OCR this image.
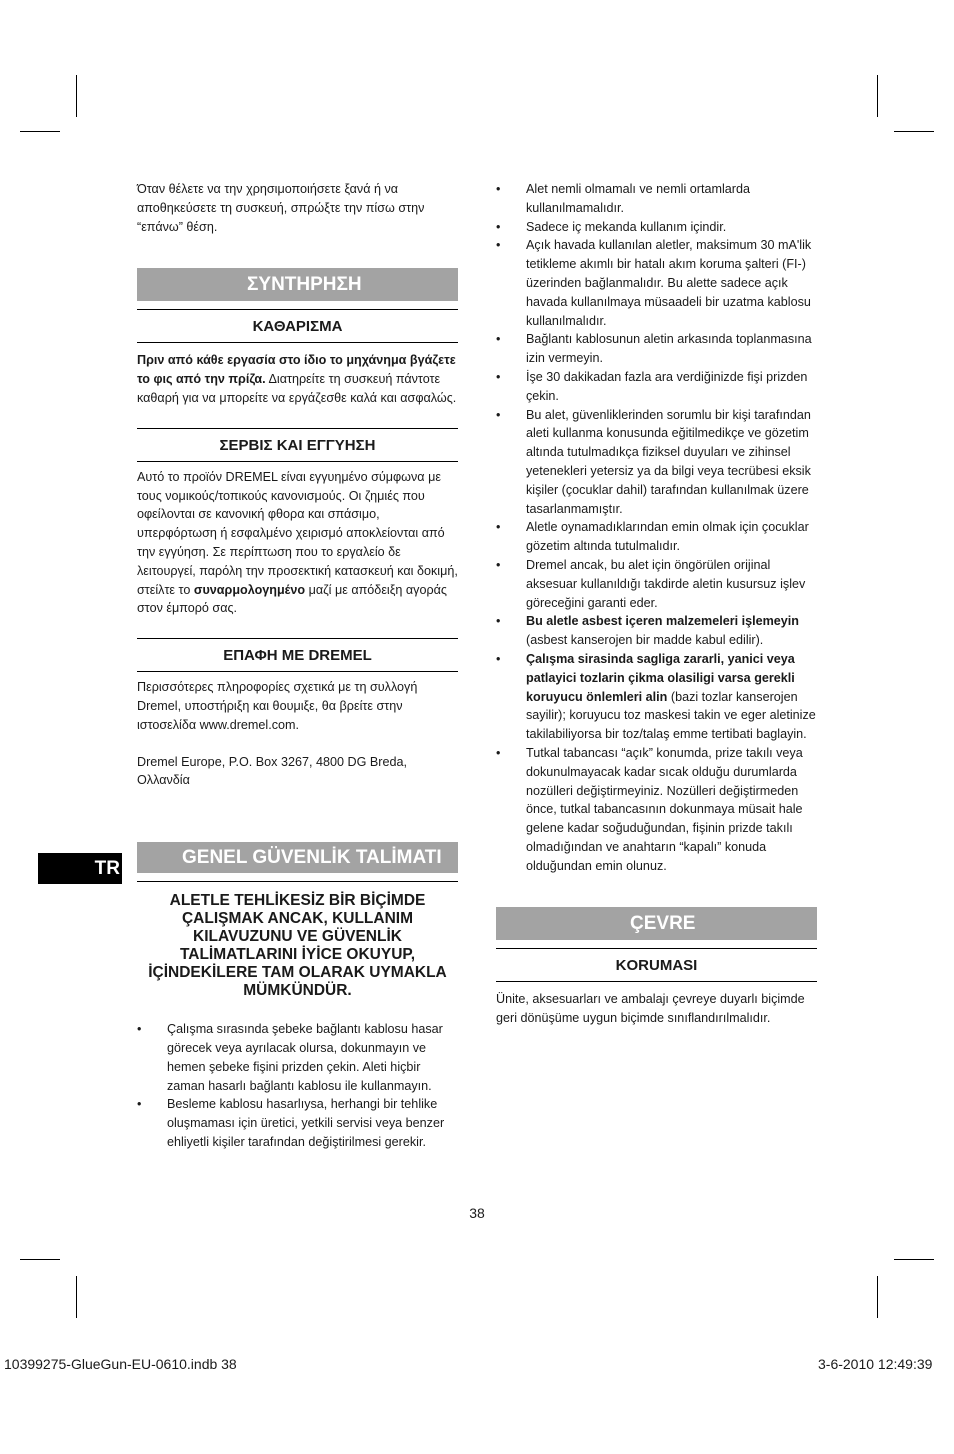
TR

Όταν θέλετε να την χρησιμοποιήσετε ξανά ή να αποθηκεύσετε τη συσκευή, σπρώξτε την πίσω στην “επάνω” θέση.

ΣΥΝΤΗΡΗΣΗ
ΚΑΘΑΡΙΣΜΑ

Πριν από κάθε εργασία στο ίδιο το μηχάνημα βγάζετε το φις από την πρίζα. Διατηρείτε τη συσκευή πάντοτε καθαρή για να μπορείτε να εργάζεσθε καλά και ασφαλώς.

ΣΕΡΒΙΣ ΚΑΙ ΕΓΓΥΗΣΗ

Αυτό το προϊόν DREMEL είναι εγγυημένο σύμφωνα με τους νομικούς/τοπικούς κανονισμούς. Οι ζημιές που οφείλονται σε κανονική φθορα και σπάσιμο, υπερφόρτωση ή εσφαλμένο χειρισμό αποκλείονται από την εγγύηση. Σε περίπτωση που το εργαλείο δε λειτουργεί, παρόλη την προσεκτική κατασκευή και δοκιμή, στείλτε το συναρμολογημένο μαζί με απόδειξη αγοράς στον έμπορό σας.

ΕΠΑΦΗ ΜΕ DREMEL

Περισσότερες πληροφορίες σχετικά με τη συλλογή Dremel, υποστήριξη και θουμιξε, θα βρείτε στην ιστοσελίδα www.dremel.com.

Dremel Europe, P.O. Box 3267, 4800 DG Breda, Ολλανδία

GENEL GÜVENLİK TALİMATI

ALETLE TEHLİKESİZ BİR BİÇİMDE ÇALIŞMAK ANCAK, KULLANIM KILAVUZUNU VE GÜVENLİK TALİMATLARINI İYİCE OKUYUP, İÇİNDEKİLERE TAM OLARAK UYMAKLA MÜMKÜNDÜR.

• Çalışma sırasında şebeke bağlantı kablosu hasar görecek veya ayrılacak olursa, dokunmayın ve hemen şebeke fişini prizden çekin. Aleti hiçbir zaman hasarlı bağlantı kablosu ile kullanmayın.
• Besleme kablosu hasarlıysa, herhangi bir tehlike oluşmaması için üretici, yetkili servisi veya benzer ehliyetli kişiler tarafından değiştirilmesi gerekir.
• Alet nemli olmamalı ve nemli ortamlarda kullanılmamalıdır.
• Sadece iç mekanda kullanım içindir.
• Açık havada kullanılan aletler, maksimum 30 mA'lik tetikleme akımlı bir hatalı akım koruma şalteri (FI-) üzerinden bağlanmalıdır. Bu alette sadece açık havada kullanılmaya müsaadeli bir uzatma kablosu kullanılmalıdır.
• Bağlantı kablosunun aletin arkasında toplanmasına izin vermeyin.
• İşe 30 dakikadan fazla ara verdiğinizde fişi prizden çekin.
• Bu alet, güvenliklerinden sorumlu bir kişi tarafından aleti kullanma konusunda eğitilmedikçe ve gözetim altında tutulmadıkça fiziksel duyuları ve zihinsel yetenekleri yetersiz ya da bilgi veya tecrübesi eksik kişiler (çocuklar dahil) tarafından kullanılmak üzere tasarlanmamıştır.
• Aletle oynamadıklarından emin olmak için çocuklar gözetim altında tutulmalıdır.
• Dremel ancak, bu alet için öngörülen orijinal aksesuar kullanıldığı takdirde aletin kusursuz işlev göreceğini garanti eder.
• Bu aletle asbest içeren malzemeleri işlemeyin (asbest kanserojen bir madde kabul edilir).
• Çalışma sirasinda sagliga zararli, yanici veya patlayici tozlarin çikma olasiligi varsa gerekli koruyucu önlemleri alin (bazi tozlar kanserojen sayilir); koruyucu toz maskesi takin ve eger aletinize takilabiliyorsa bir toz/talaş emme tertibati baglayin.
• Tutkal tabancası “açık” konumda, prize takılı veya dokunulmayacak kadar sıcak olduğu durumlarda nozülleri değiştirmeyiniz. Nozülleri değiştirmeden önce, tutkal tabancasının dokunmaya müsait hale gelene kadar soğuduğundan, fişinin prizde takılı olmadığından ve anahtarın “kapalı” konuda olduğundan emin olunuz.
ÇEVRE
KORUMASI

Ünite, aksesuarları ve ambalajı çevreye duyarlı biçimde geri dönüşüme uygun biçimde sınıflandırılmalıdır.

38
10399275-GlueGun-EU-0610.indb 38	3-6-2010 12:49:39
